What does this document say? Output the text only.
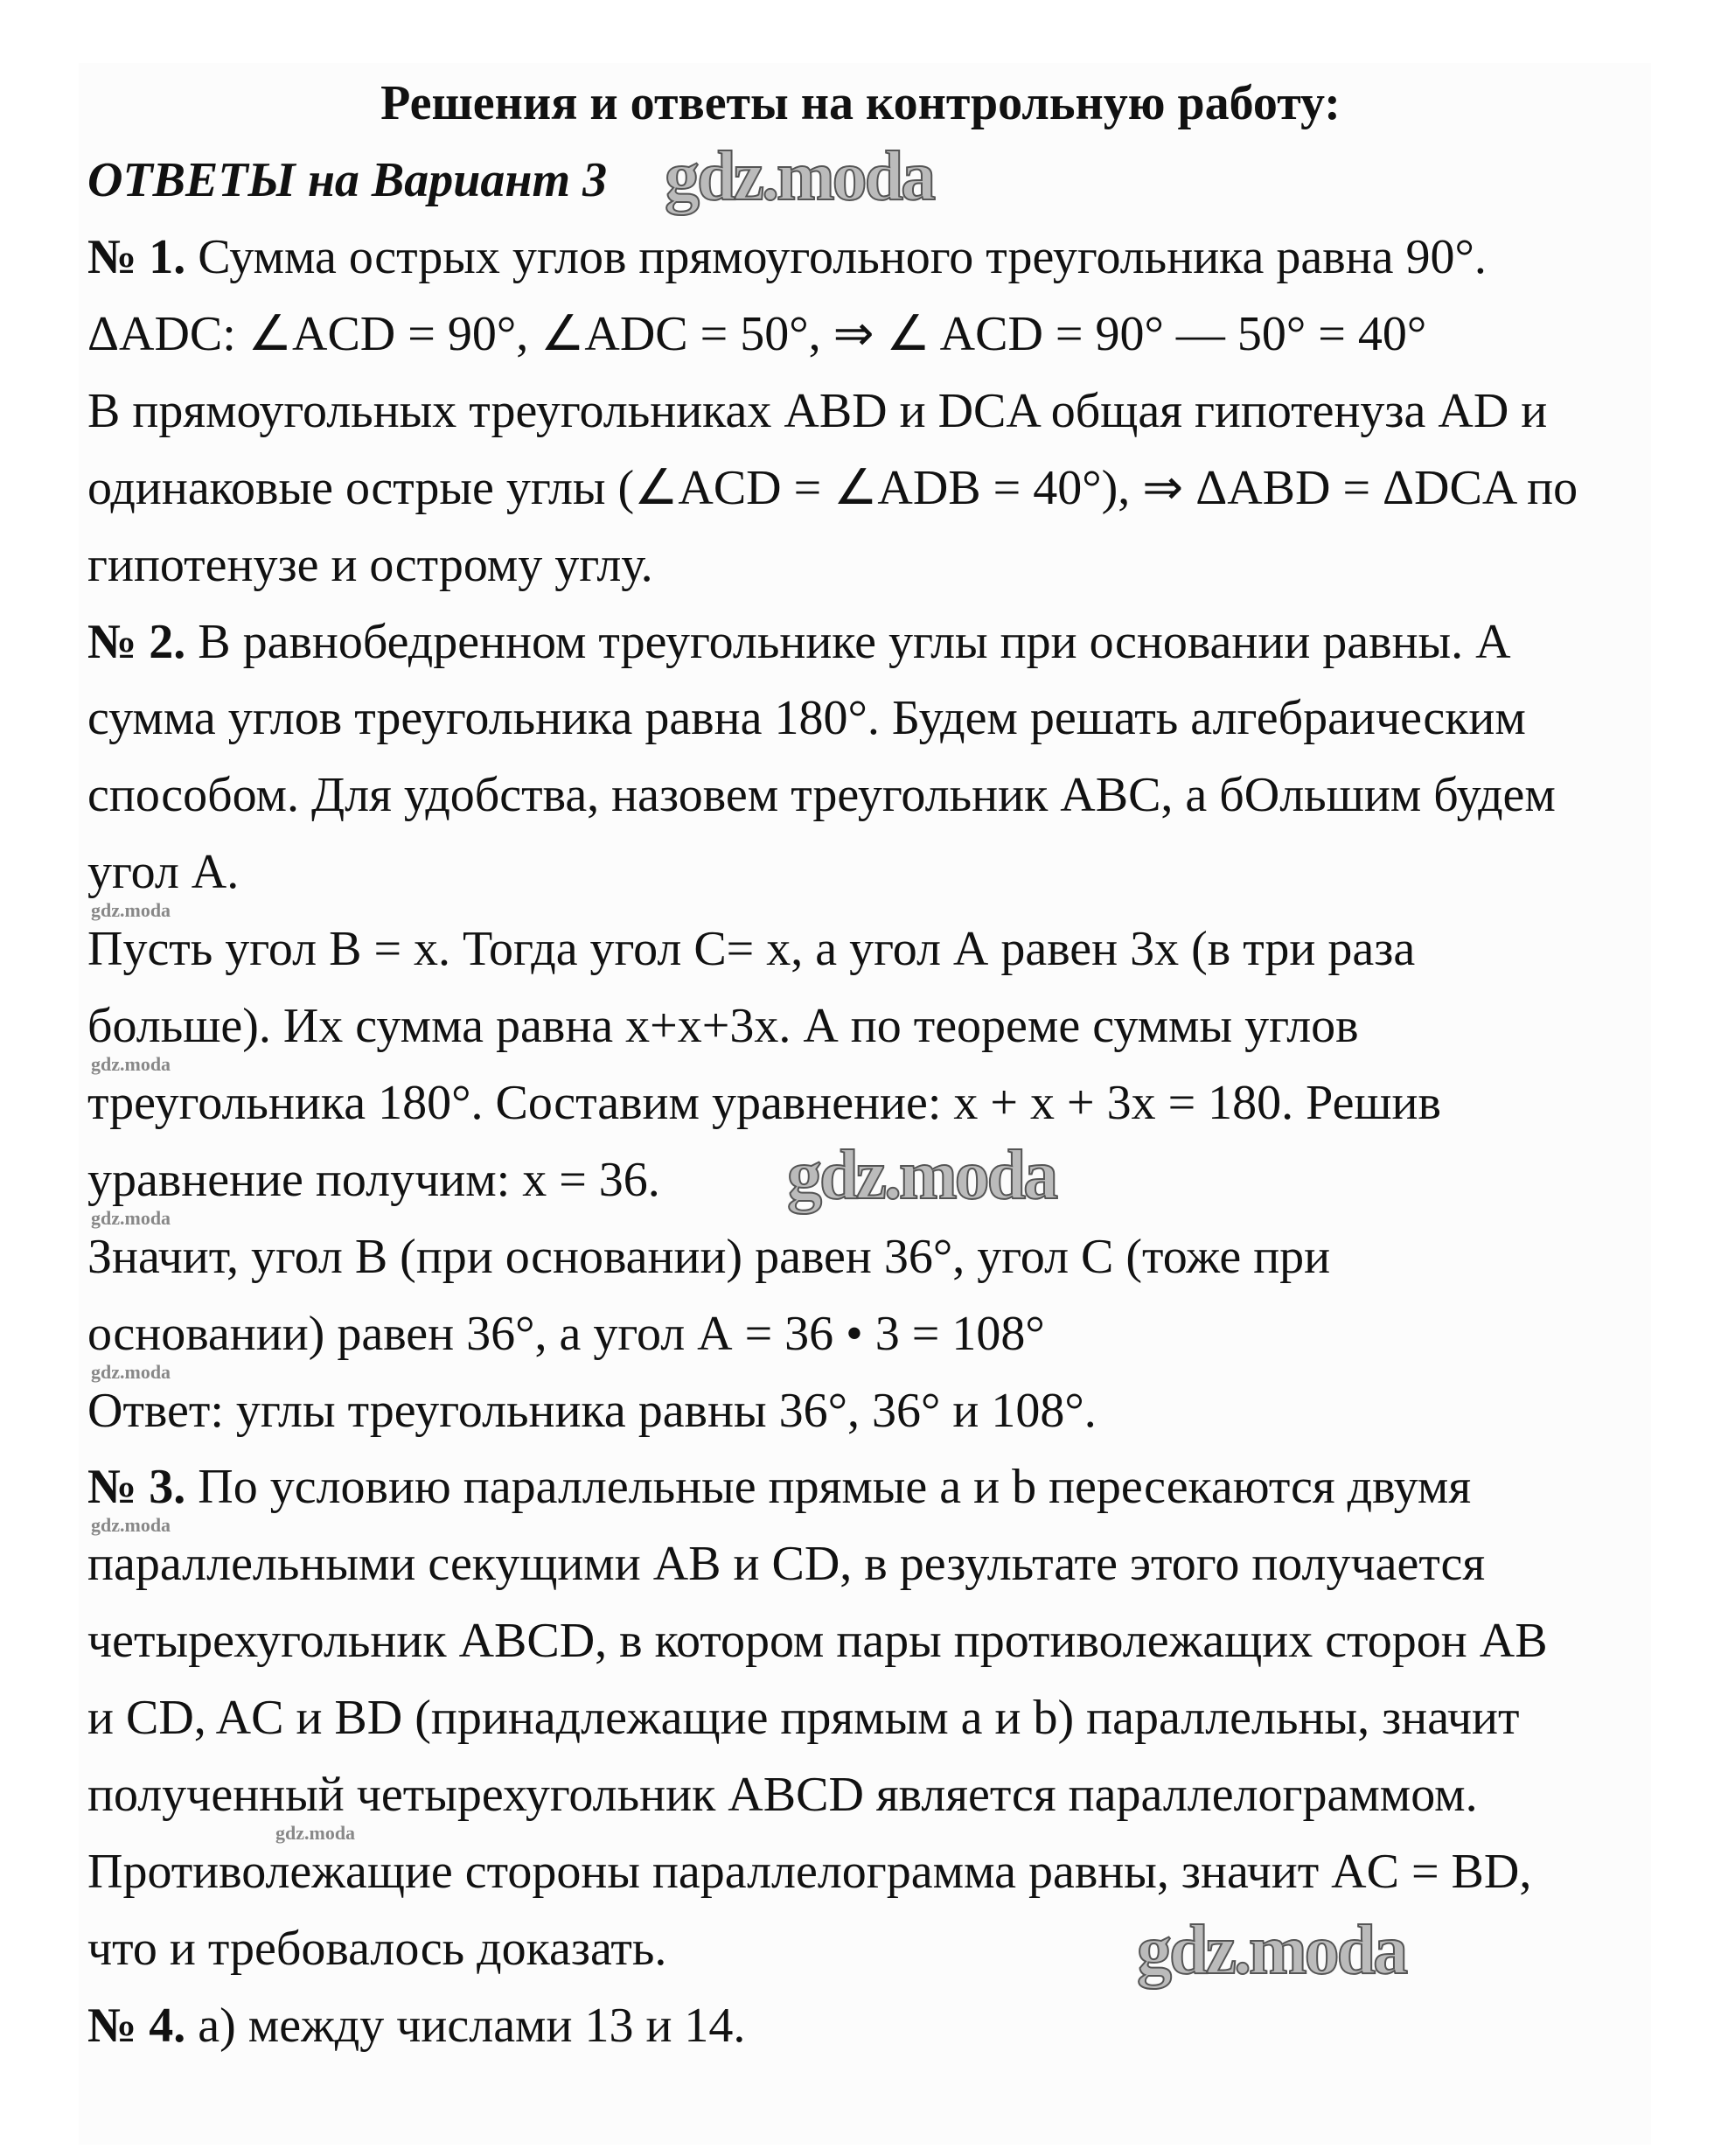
Решения и ответы на контрольную работу:
ОТВЕТЫ на Вариант 3
№ 1. Сумма острых углов прямоугольного треугольника равна 90°.
ΔADC: ∠ACD = 90°, ∠ADC = 50°, ⇒ ∠ ACD = 90° — 50° = 40°
В прямоугольных треугольниках ABD и DCA общая гипотенуза AD и
одинаковые острые углы (∠ACD = ∠ADB = 40°), ⇒ ΔABD = ΔDCA по
гипотенузе и острому углу.
№ 2. В равнобедренном треугольнике углы при основании равны. А
сумма углов треугольника равна 180°. Будем решать алгебраическим
способом. Для удобства, назовем треугольник ABC, а бОльшим будем
угол А.
Пусть угол В = х. Тогда угол С= х, а угол А равен 3х (в три раза
больше). Их сумма равна х+х+3х. А по теореме суммы углов
треугольника 180°. Составим уравнение: х + х + 3х = 180. Решив
уравнение получим: х = 36.
Значит, угол В (при основании) равен 36°, угол С (тоже при
основании) равен 36°, а угол А = 36 • 3 = 108°
Ответ: углы треугольника равны 36°, 36° и 108°.
№ 3. По условию параллельные прямые a и b пересекаются двумя
параллельными секущими AB и CD, в результате этого получается
четырехугольник ABCD, в котором пары противолежащих сторон AB
и CD, AC и BD (принадлежащие прямым a и b) параллельны, значит
полученный четырехугольник ABCD является параллелограммом.
Противолежащие стороны параллелограмма равны, значит AC = BD,
что и требовалось доказать.
№ 4. а) между числами 13 и 14.
gdz.moda
gdz.moda
gdz.moda
gdz.moda
gdz.moda
gdz.moda
gdz.moda
gdz.moda
gdz.moda
